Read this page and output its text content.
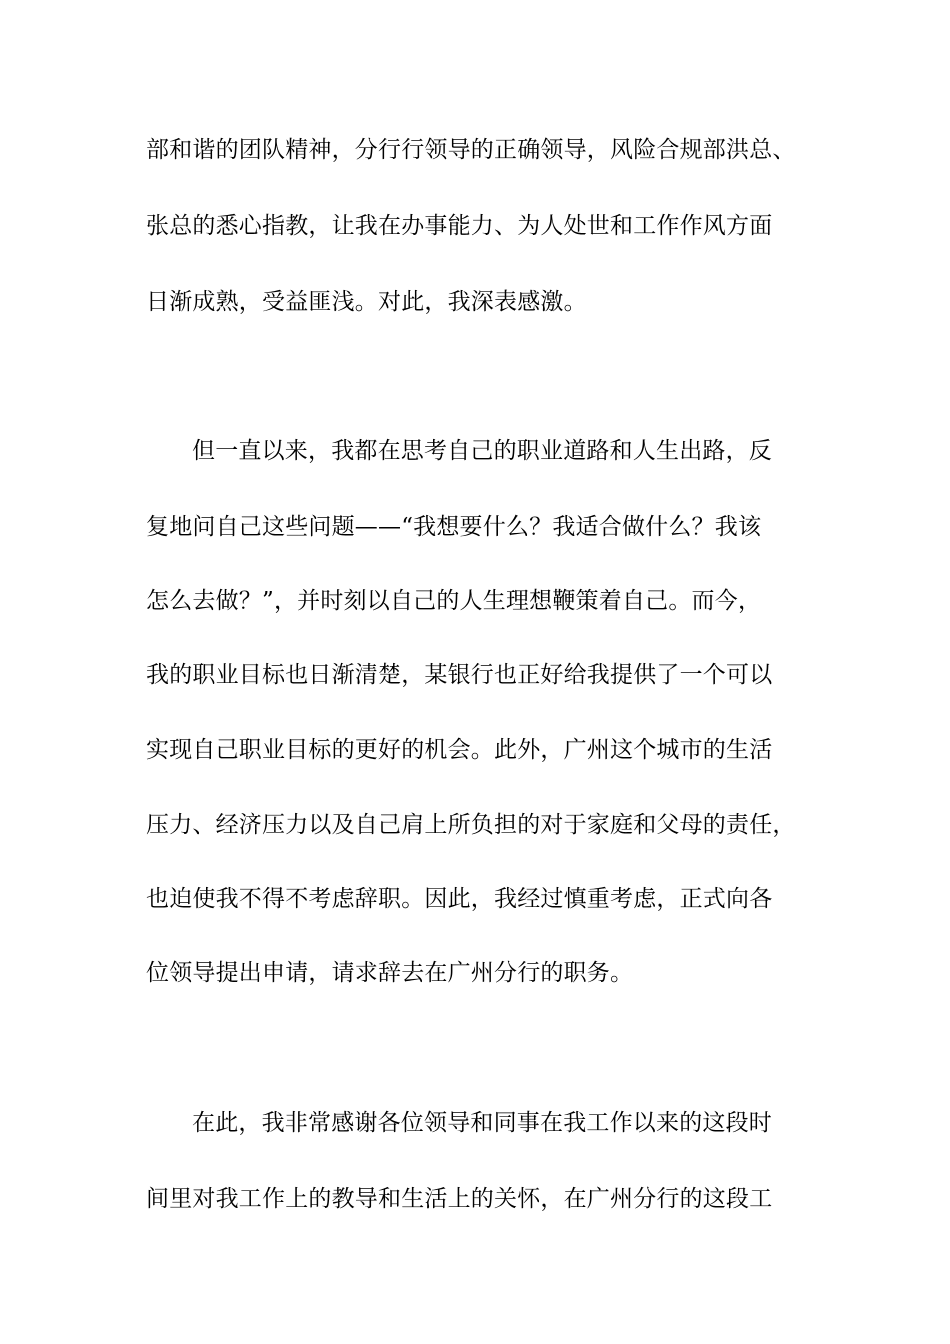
部和谐的团队精神，分行行领导的正确领导，风险合规部洪总、
张总的悉心指教，让我在办事能力、为人处世和工作作风方面
日渐成熟，受益匪浅。对此，我深表感激。
但一直以来，我都在思考自己的职业道路和人生出路，反
复地问自己这些问题——“我想要什么？我适合做什么？我该
怎么去做？”，并时刻以自己的人生理想鞭策着自己。而今，
我的职业目标也日渐清楚，某银行也正好给我提供了一个可以
实现自己职业目标的更好的机会。此外，广州这个城市的生活
压力、经济压力以及自己肩上所负担的对于家庭和父母的责任，
也迫使我不得不考虑辞职。因此，我经过慎重考虑，正式向各
位领导提出申请，请求辞去在广州分行的职务。
在此，我非常感谢各位领导和同事在我工作以来的这段时
间里对我工作上的教导和生活上的关怀，在广州分行的这段工
